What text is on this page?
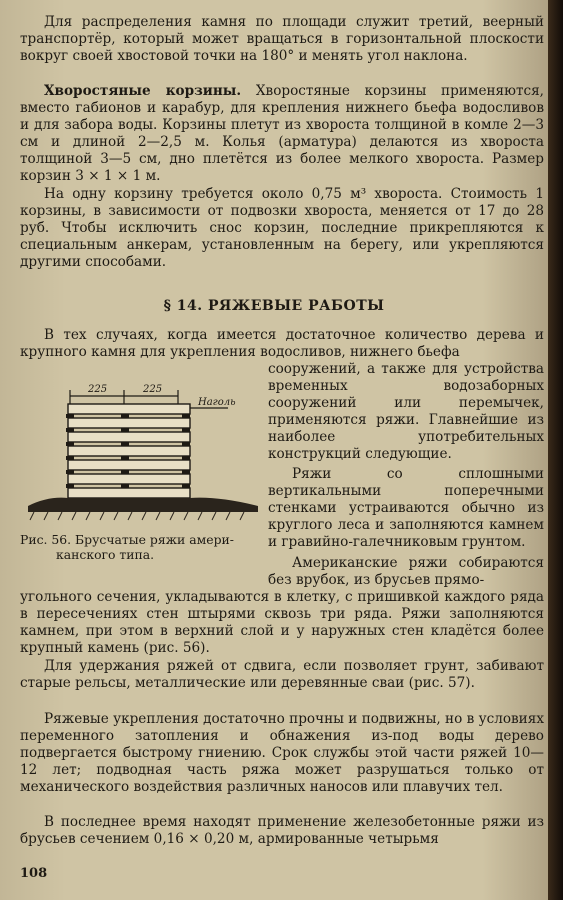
Для распределения камня по площади служит третий, веерный транспортёр, который может вращаться в горизонтальной плоскости вокруг своей хвостовой точки на 180° и менять угол наклона.

Хворостяные корзины. Хворостяные корзины применяются, вместо габионов и карабур, для крепления нижнего бьефа водосливов и для забора воды. Корзины плетут из хвороста толщиной в комле 2—3 см и длиной 2—2,5 м. Колья (арматура) делаются из хвороста толщиной 3—5 см, дно плетётся из более мелкого хвороста. Размер корзин 3 × 1 × 1 м.

На одну корзину требуется около 0,75 м³ хвороста. Стоимость 1 корзины, в зависимости от подвозки хвороста, меняется от 17 до 28 руб. Чтобы исключить снос корзин, последние прикрепляются к специальным анкерам, установленным на берегу, или укрепляются другими способами.

§ 14. РЯЖЕВЫЕ РАБОТЫ

В тех случаях, когда имеется достаточное количество дерева и крупного камня для укрепления водосливов, нижнего бьефа

225	225
Наголь
Рис. 56. Брусчатые ряжи амери-
канского типа.

сооружений, а также для устройства временных водозаборных сооружений или перемычек, применяются ряжи. Главнейшие из наиболее употребительных конструкций следующие.

Ряжи со сплошными вертикальными поперечными стенками устраиваются обычно из круглого леса и заполняются камнем и гравийно-галечниковым грунтом.

Американские ряжи собираются без врубок, из брусьев прямо-

угольного сечения, укладываются в клетку, с пришивкой каждого ряда в пересечениях стен штырями сквозь три ряда. Ряжи заполняются камнем, при этом в верхний слой и у наружных стен кладётся более крупный камень (рис. 56).

Для удержания ряжей от сдвига, если позволяет грунт, забивают старые рельсы, металлические или деревянные сваи (рис. 57).

Ряжевые укрепления достаточно прочны и подвижны, но в условиях переменного затопления и обнажения из-под воды дерево подвергается быстрому гниению. Срок службы этой части ряжей 10—12 лет; подводная часть ряжа может разрушаться только от механического воздействия различных наносов или плавучих тел.

В последнее время находят применение железобетонные ряжи из брусьев сечением 0,16 × 0,20 м, армированные четырьмя

108
